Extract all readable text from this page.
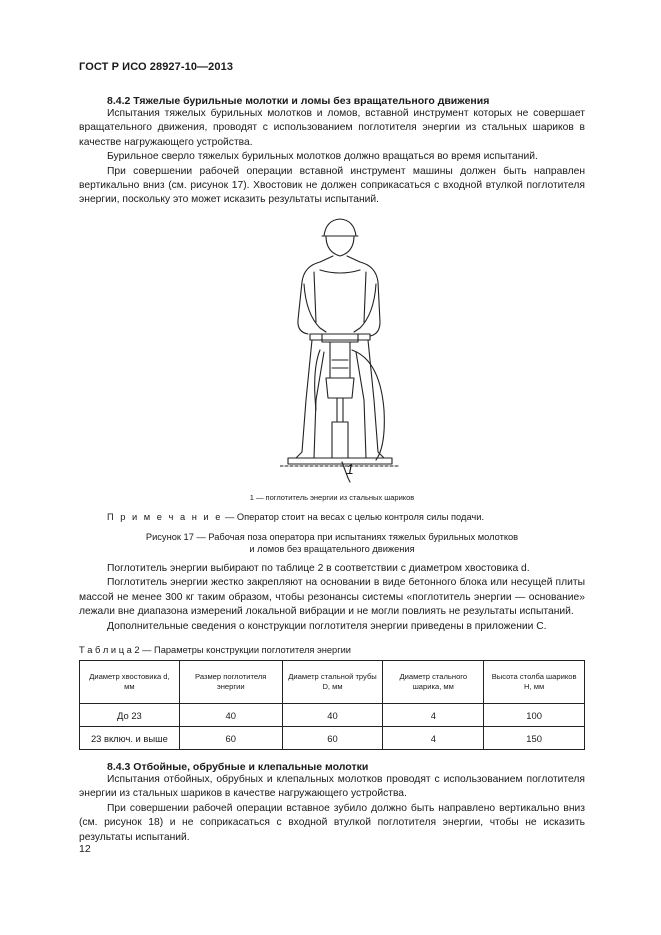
ГОСТ Р ИСО 28927-10—2013
8.4.2 Тяжелые бурильные молотки и ломы без вращательного движения
Испытания тяжелых бурильных молотков и ломов, вставной инструмент которых не совершает вращательного движения, проводят с использованием поглотителя энергии из стальных шариков в качестве нагружающего устройства.
Бурильное сверло тяжелых бурильных молотков должно вращаться во время испытаний.
При совершении рабочей операции вставной инструмент машины должен быть направлен вертикально вниз (см. рисунок 17). Хвостовик не должен соприкасаться с входной втулкой поглотителя энергии, поскольку это может исказить результаты испытаний.
1
1 — поглотитель энергии из стальных шариков
П р и м е ч а н и е — Оператор стоит на весах с целью контроля силы подачи.
Рисунок 17 — Рабочая поза оператора при испытаниях тяжелых бурильных молотков
и ломов без вращательного движения
Поглотитель энергии выбирают по таблице 2 в соответствии с диаметром хвостовика d.
Поглотитель энергии жестко закрепляют на основании в виде бетонного блока или несущей плиты массой не менее 300 кг таким образом, чтобы резонансы системы «поглотитель энергии — основание» лежали вне диапазона измерений локальной вибрации и не могли повлиять не результаты испытаний.
Дополнительные сведения о конструкции поглотителя энергии приведены в приложении С.
Т а б л и ц а 2 — Параметры конструкции поглотителя энергии
Диаметр хвостовика d, мм	Размер поглотителя энергии	Диаметр стальной трубы D, мм	Диаметр стального шарика, мм	Высота столба шариков H, мм
До 23	40	40	4	100
23 включ. и выше	60	60	4	150
8.4.3 Отбойные, обрубные и клепальные молотки
Испытания отбойных, обрубных и клепальных молотков проводят с использованием поглотителя энергии из стальных шариков в качестве нагружающего устройства.
При совершении рабочей операции вставное зубило должно быть направлено вертикально вниз (см. рисунок 18) и не соприкасаться с входной втулкой поглотителя энергии, чтобы не исказить результаты испытаний.
12
